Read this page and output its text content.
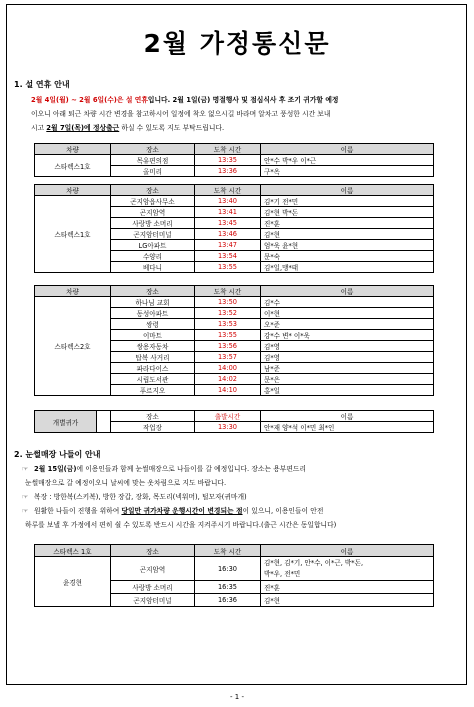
2월 가정통신문
1. 설 연휴 안내
2월 4일(월) ~ 2월 6일(수)은 설 연휴입니다. 2월 1일(금) 명절행사 및 점심식사 후 조기 귀가할 예정
이오니 아래 퇴근 차량 시간 변경을 참고하시어 일정에 착오 없으시길 바라며 알차고 풍성한 시간 보내
시고 2월 7일(목)에 정상출근 하실 수 있도록 지도 부탁드립니다.
차량	장소	도착 시간	이름
스타렉스1호	목유편의점	13:35	안*수 박*우 이*근
	올미리	13:36	구*옥
차량	장소	도착 시간	이름
스타렉스1호	곤지암읍사무소	13:40	김*기 전*민
	곤지암역	13:41	김*현 박*돈
	사랑방 소머리	13:45	진*훈
	곤지암터미널	13:46	김*현
	LG아파트	13:47	엄*욱 윤*현
	수양리	13:54	문*숙
	베다니	13:55	김*일,맹*태
차량	장소	도착 시간	이름
스타렉스2호	하나님 교회	13:50	김*수
	동성아파트	13:52	이*현
	쌍령	13:53	오*준
	이마트	13:55	강*수 변* 이*욱
	쌍용자동차	13:56	김*영
	탑복 사거리	13:57	김*영
	파라다이스	14:00	남*준
	시립도서관	14:02	문*은
	푸르지오	14:10	홍*일
개별귀가		장소	출발시간	이름
		작업장	13:30	안*재 양*석 이*민 최*인
2. 눈썰매장 나들이 안내
☞ 2월 15일(금)에 이용인들과 함께 눈썰매장으로 나들이를 갈 예정입니다. 장소는 용부편드리
눈썰매장으로 갈 예정이오니 날씨에 맞는 옷차림으로 지도 바랍니다.
☞ 복장 : 방한복(스키복), 방한 장갑, 장화, 목도리(넥워머), 털모자(귀마개)
☞ 원활한 나들이 진행을 위하여 당일만 귀가차량 운행시간이 변경되는 점이 있으니, 이용인들이 안전
하루를 보낼 후 가정에서 편히 쉴 수 있도록 반드시 시간을 지켜주시기 바랍니다.(출근 시간은 동일합니다)
스타렉스 1호	장소	도착 시간	이름
윤경현	곤지암역	16:30	김*현, 김*기, 안*수, 이*근, 박*돈,
박*우, 전*민

	사랑방 소머리	16:35	진*훈
	곤지암터미널	16:36	김*현
- 1 -
